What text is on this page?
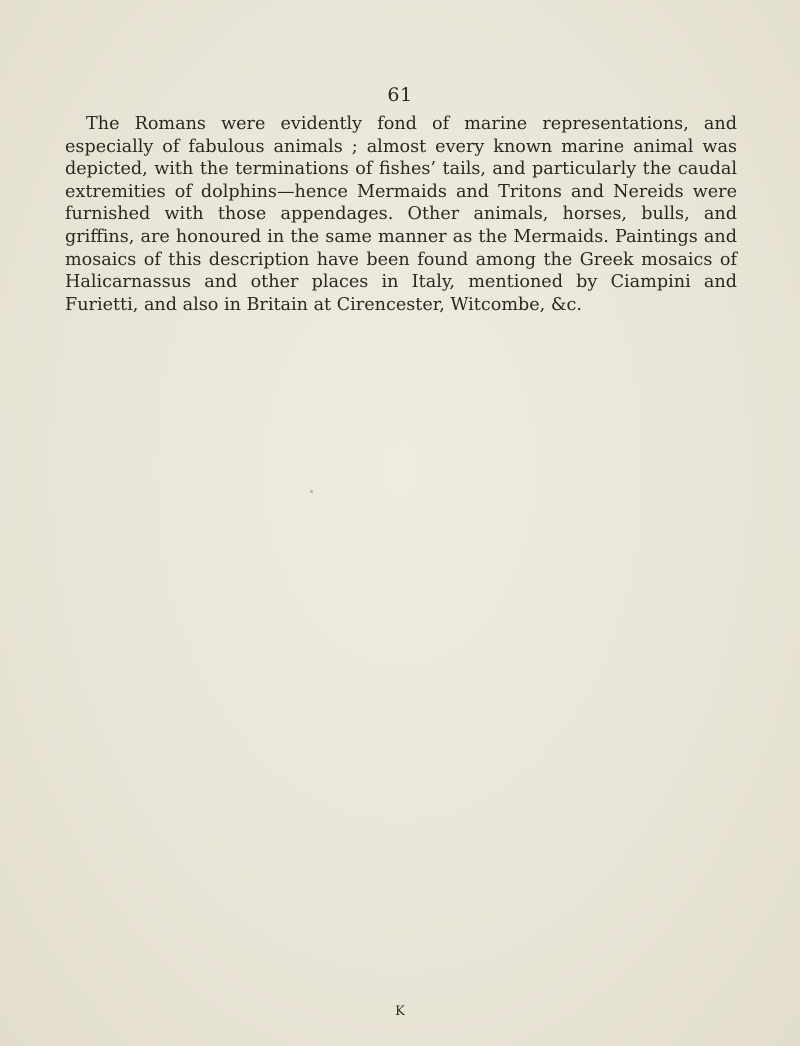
61

The Romans were evidently fond of marine representations, and especially of fabulous animals ; almost every known marine animal was depicted, with the terminations of fishes’ tails, and particularly the caudal extremities of dolphins—hence Mermaids and Tritons and Nereids were furnished with those appendages. Other animals, horses, bulls, and griffins, are honoured in the same manner as the Mermaids. Paintings and mosaics of this description have been found among the Greek mosaics of Halicarnassus and other places in Italy, mentioned by Ciampini and Furietti, and also in Britain at Cirencester, Witcombe, &c.

K
